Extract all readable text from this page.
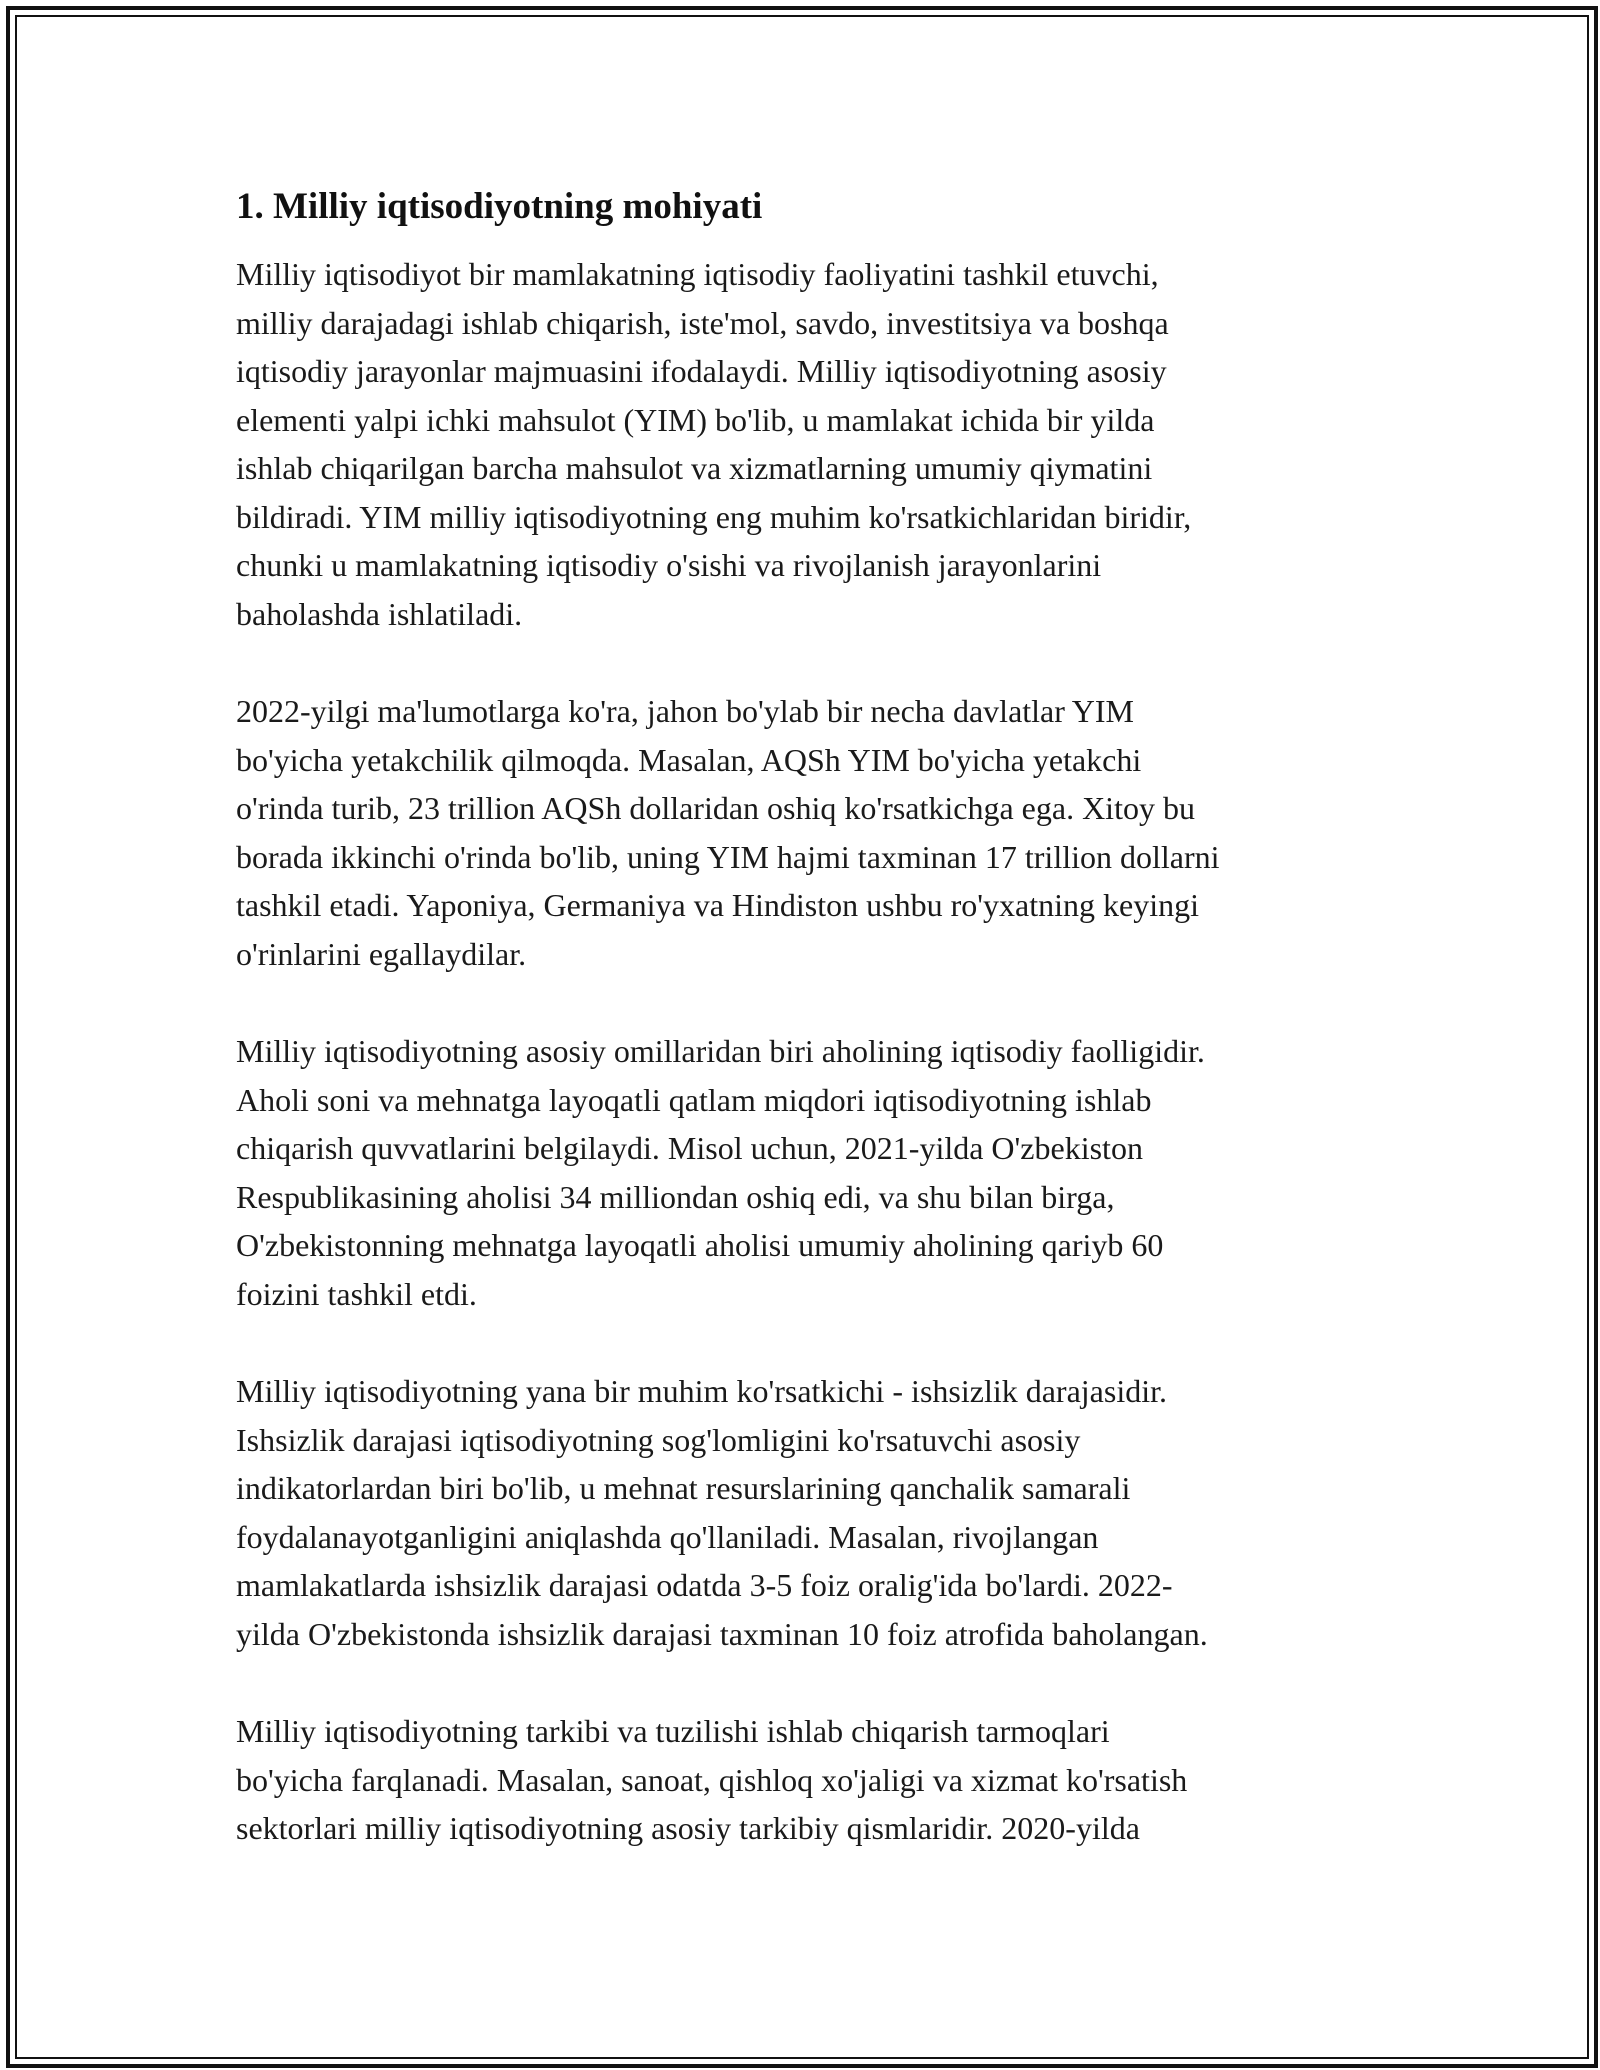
1. Milliy iqtisodiyotning mohiyati

Milliy iqtisodiyot bir mamlakatning iqtisodiy faoliyatini tashkil etuvchi,
milliy darajadagi ishlab chiqarish, iste'mol, savdo, investitsiya va boshqa
iqtisodiy jarayonlar majmuasini ifodalaydi. Milliy iqtisodiyotning asosiy
elementi yalpi ichki mahsulot (YIM) bo'lib, u mamlakat ichida bir yilda
ishlab chiqarilgan barcha mahsulot va xizmatlarning umumiy qiymatini
bildiradi. YIM milliy iqtisodiyotning eng muhim ko'rsatkichlaridan biridir,
chunki u mamlakatning iqtisodiy o'sishi va rivojlanish jarayonlarini
baholashda ishlatiladi.

2022-yilgi ma'lumotlarga ko'ra, jahon bo'ylab bir necha davlatlar YIM
bo'yicha yetakchilik qilmoqda. Masalan, AQSh YIM bo'yicha yetakchi
o'rinda turib, 23 trillion AQSh dollaridan oshiq ko'rsatkichga ega. Xitoy bu
borada ikkinchi o'rinda bo'lib, uning YIM hajmi taxminan 17 trillion dollarni
tashkil etadi. Yaponiya, Germaniya va Hindiston ushbu ro'yxatning keyingi
o'rinlarini egallaydilar.

Milliy iqtisodiyotning asosiy omillaridan biri aholining iqtisodiy faolligidir.
Aholi soni va mehnatga layoqatli qatlam miqdori iqtisodiyotning ishlab
chiqarish quvvatlarini belgilaydi. Misol uchun, 2021-yilda O'zbekiston
Respublikasining aholisi 34 milliondan oshiq edi, va shu bilan birga,
O'zbekistonning mehnatga layoqatli aholisi umumiy aholining qariyb 60
foizini tashkil etdi.

Milliy iqtisodiyotning yana bir muhim ko'rsatkichi - ishsizlik darajasidir.
Ishsizlik darajasi iqtisodiyotning sog'lomligini ko'rsatuvchi asosiy
indikatorlardan biri bo'lib, u mehnat resurslarining qanchalik samarali
foydalanayotganligini aniqlashda qo'llaniladi. Masalan, rivojlangan
mamlakatlarda ishsizlik darajasi odatda 3-5 foiz oralig'ida bo'lardi. 2022-
yilda O'zbekistonda ishsizlik darajasi taxminan 10 foiz atrofida baholangan.

Milliy iqtisodiyotning tarkibi va tuzilishi ishlab chiqarish tarmoqlari
bo'yicha farqlanadi. Masalan, sanoat, qishloq xo'jaligi va xizmat ko'rsatish
sektorlari milliy iqtisodiyotning asosiy tarkibiy qismlaridir. 2020-yilda
